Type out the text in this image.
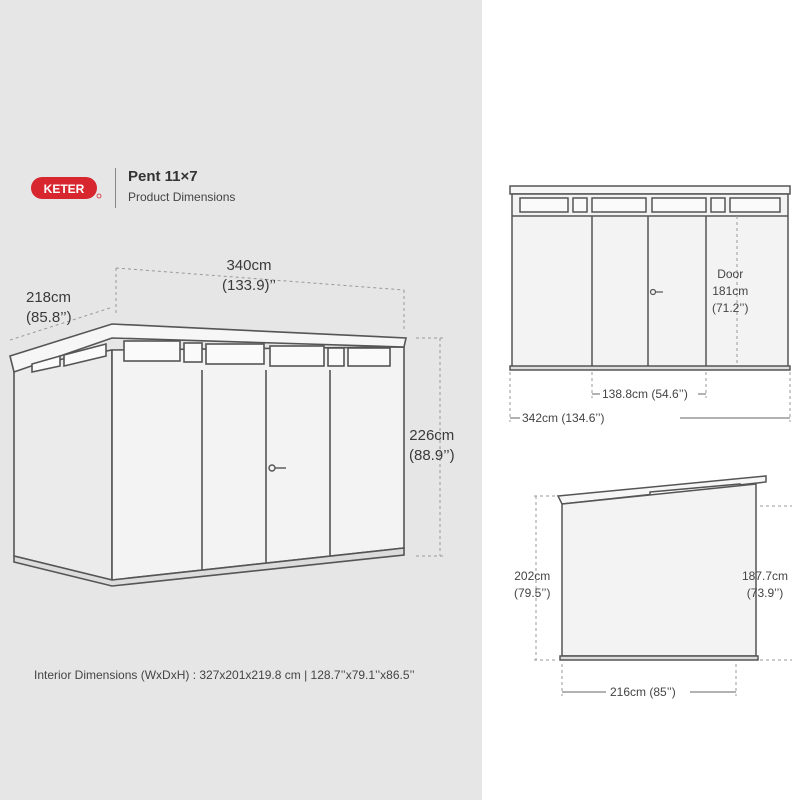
KETER
Pent 11×7
Product Dimensions
340cm
(133.9)’’
218cm
(85.8’’)
226cm
(88.9’’)
Interior Dimensions (WxDxH) : 327x201x219.8 cm | 128.7’’x79.1’’x86.5’’
Door
181cm
(71.2’’)
138.8cm (54.6’’)
342cm (134.6’’)
202cm
(79.5’’)
187.7cm
(73.9’’)
216cm (85’’)
